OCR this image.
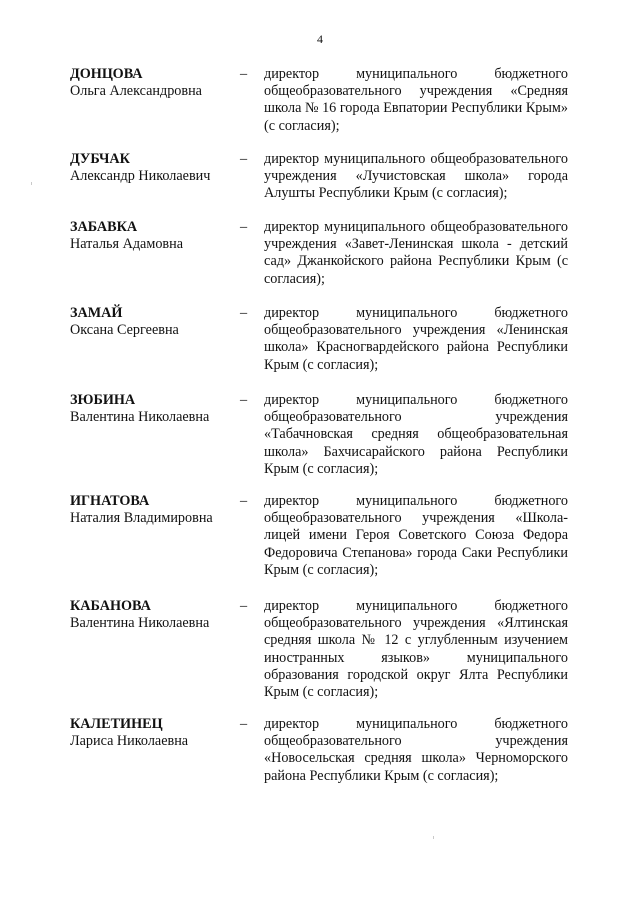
4
ДОНЦОВА
Ольга Александровна
– директор муниципального бюджетного общеобразовательного учреждения «Средняя школа № 16 города Евпатории Республики Крым» (с согласия);
ДУБЧАК
Александр Николаевич
– директор муниципального общеобразовательного учреждения «Лучистовская школа» города Алушты Республики Крым (с согласия);
ЗАБАВКА
Наталья Адамовна
– директор муниципального общеобразовательного учреждения «Завет-Ленинская школа - детский сад» Джанкойского района Республики Крым (с согласия);
ЗАМАЙ
Оксана Сергеевна
– директор муниципального бюджетного общеобразовательного учреждения «Ленинская школа» Красногвардейского района Республики Крым (с согласия);
ЗЮБИНА
Валентина Николаевна
– директор муниципального бюджетного общеобразовательного учреждения «Табачновская средняя общеобразовательная школа» Бахчисарайского района Республики Крым (с согласия);
ИГНАТОВА
Наталия Владимировна
– директор муниципального бюджетного общеобразовательного учреждения «Школа-лицей имени Героя Советского Союза Федора Федоровича Степанова» города Саки Республики Крым (с согласия);
КАБАНОВА
Валентина Николаевна
– директор муниципального бюджетного общеобразовательного учреждения «Ялтинская средняя школа № 12 с углубленным изучением иностранных языков» муниципального образования городской округ Ялта Республики Крым (с согласия);
КАЛЕТИНЕЦ
Лариса Николаевна
– директор муниципального бюджетного общеобразовательного учреждения «Новосельская средняя школа» Черноморского района Республики Крым (с согласия);
